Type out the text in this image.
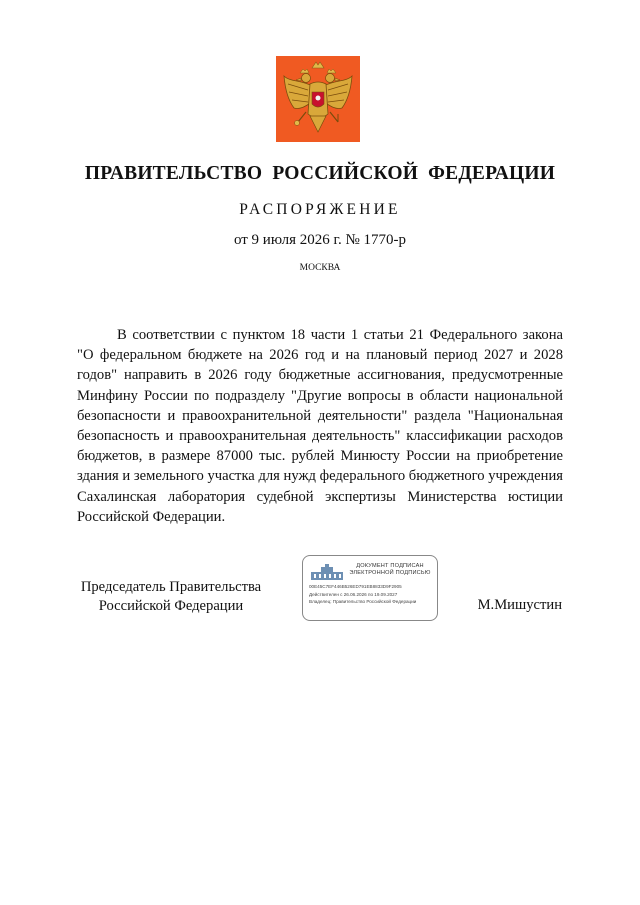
ПРАВИТЕЛЬСТВО РОССИЙСКОЙ ФЕДЕРАЦИИ
РАСПОРЯЖЕНИЕ
от 9 июля 2026 г. № 1770-р
МОСКВА
В соответствии с пунктом 18 части 1 статьи 21 Федерального закона "О федеральном бюджете на 2026 год и на плановый период 2027 и 2028 годов" направить в 2026 году бюджетные ассигнования, предусмотренные Минфину России по подразделу "Другие вопросы в области национальной безопасности и правоохранительной деятельности" раздела "Национальная безопасность и правоохранительная деятельность" классификации расходов бюджетов, в размере 87000 тыс. рублей Минюсту России на приобретение здания и земельного участка для нужд федерального бюджетного учреждения Сахалинская лаборатория судебной экспертизы Министерства юстиции Российской Федерации.
Председатель Правительства
Российской Федерации
ДОКУМЕНТ ПОДПИСАН
ЭЛЕКТРОННОЙ ПОДПИСЬЮ
00E45C7EF446B526ED791EB8833D9F2905
Действителен с 26.06.2026 по 19.09.2027
Владелец: Правительство Российской Федерации	М.Мишустин
